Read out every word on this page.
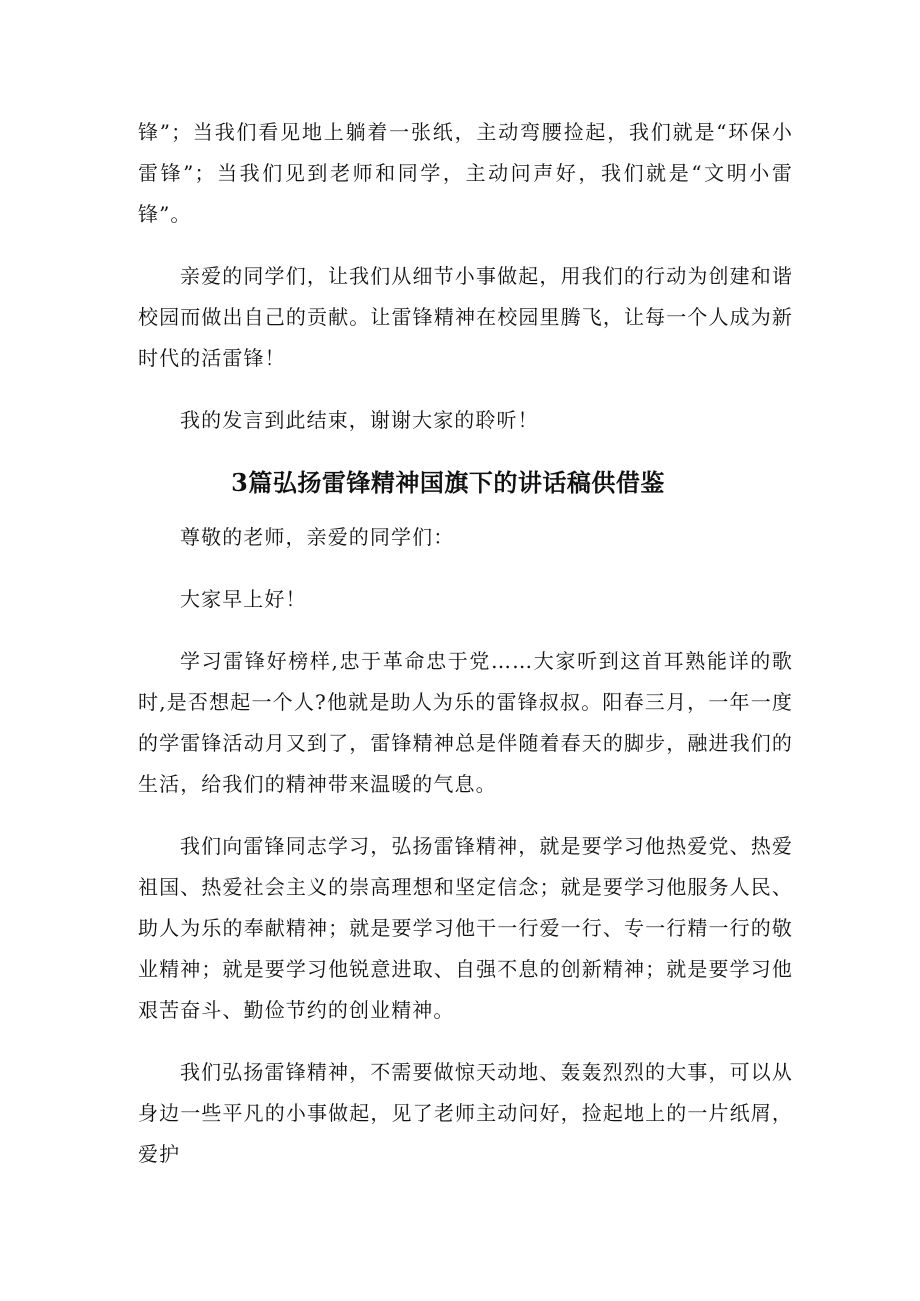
锋”；当我们看见地上躺着一张纸，主动弯腰捡起，我们就是“环保小雷锋”；当我们见到老师和同学，主动问声好，我们就是“文明小雷锋”。

亲爱的同学们，让我们从细节小事做起，用我们的行动为创建和谐校园而做出自己的贡献。让雷锋精神在校园里腾飞，让每一个人成为新时代的活雷锋！

我的发言到此结束，谢谢大家的聆听！

3篇弘扬雷锋精神国旗下的讲话稿供借鉴

尊敬的老师，亲爱的同学们：

大家早上好！

学习雷锋好榜样,忠于革命忠于党……大家听到这首耳熟能详的歌时,是否想起一个人?他就是助人为乐的雷锋叔叔。阳春三月，一年一度的学雷锋活动月又到了，雷锋精神总是伴随着春天的脚步，融进我们的生活，给我们的精神带来温暖的气息。

我们向雷锋同志学习，弘扬雷锋精神，就是要学习他热爱党、热爱祖国、热爱社会主义的崇高理想和坚定信念；就是要学习他服务人民、助人为乐的奉献精神；就是要学习他干一行爱一行、专一行精一行的敬业精神；就是要学习他锐意进取、自强不息的创新精神；就是要学习他艰苦奋斗、勤俭节约的创业精神。

我们弘扬雷锋精神，不需要做惊天动地、轰轰烈烈的大事，可以从身边一些平凡的小事做起，见了老师主动问好，捡起地上的一片纸屑，爱护
